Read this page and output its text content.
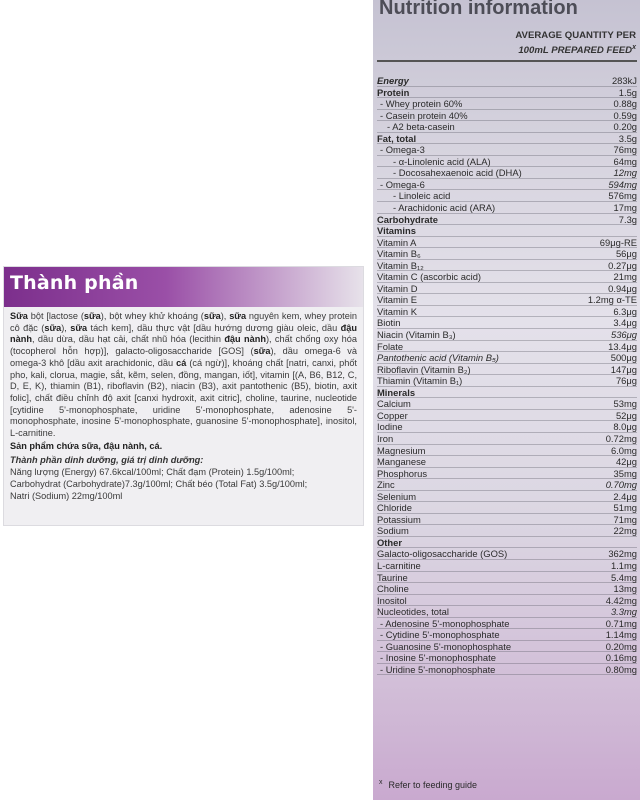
Thành phần
Sữa bột [lactose (sữa), bột whey khử khoáng (sữa), sữa nguyên kem, whey protein cô đặc (sữa), sữa tách kem], dầu thực vật [dầu hướng dương giàu oleic, dầu đậu nành, dầu dừa, dầu hạt cải, chất nhũ hóa (lecithin đậu nành), chất chống oxy hóa (tocopherol hỗn hợp)], galacto-oligosaccharide [GOS] (sữa), dầu omega-6 và omega-3 khô [dầu axit arachidonic, dầu cá (cá ngừ)], khoáng chất [natri, canxi, phốt pho, kali, clorua, magie, sắt, kẽm, selen, đồng, mangan, iốt], vitamin [(A, B6, B12, C, D, E, K), thiamin (B1), riboflavin (B2), niacin (B3), axit pantothenic (B5), biotin, axit folic], chất điều chỉnh độ axit [canxi hydroxit, axit citric], choline, taurine, nucleotide [cytidine 5'-monophosphate, uridine 5'-monophosphate, adenosine 5'-monophosphate, inosine 5'-monophosphate, guanosine 5'-monophosphate], inositol, L-carnitine.
Sản phẩm chứa sữa, đậu nành, cá.
Thành phần dinh dưỡng, giá trị dinh dưỡng:
Năng lượng (Energy) 67.6kcal/100ml; Chất đạm (Protein) 1.5g/100ml;
Carbohydrat (Carbohydrate)7.3g/100ml; Chất béo (Total Fat) 3.5g/100ml;
Natri (Sodium) 22mg/100ml
Nutrition information
AVERAGE QUANTITY PER
100mL PREPARED FEED$^x$
Energy	283kJ
Protein	1.5g
- Whey protein 60%	0.88g
- Casein protein 40%	0.59g
- A2 beta-casein	0.20g
Fat, total	3.5g
- Omega-3	76mg
- α-Linolenic acid (ALA)	64mg
- Docosahexaenoic acid (DHA)	12mg
- Omega-6	594mg
- Linoleic acid	576mg
- Arachidonic acid (ARA)	17mg
Carbohydrate	7.3g
Vitamins
Vitamin A	69μg-RE
Vitamin B₆	56μg
Vitamin B₁₂	0.27μg
Vitamin C (ascorbic acid)	21mg
Vitamin D	0.94μg
Vitamin E	1.2mg α-TE
Vitamin K	6.3μg
Biotin	3.4μg
Niacin (Vitamin B₃)	536μg
Folate	13.4μg
Pantothenic acid (Vitamin B₅)	500μg
Riboflavin (Vitamin B₂)	147μg
Thiamin (Vitamin B₁)	76μg
Minerals
Calcium	53mg
Copper	52μg
Iodine	8.0μg
Iron	0.72mg
Magnesium	6.0mg
Manganese	42μg
Phosphorus	35mg
Zinc	0.70mg
Selenium	2.4μg
Chloride	51mg
Potassium	71mg
Sodium	22mg
Other
Galacto-oligosaccharide (GOS)	362mg
L-carnitine	1.1mg
Taurine	5.4mg
Choline	13mg
Inositol	4.42mg
Nucleotides, total	3.3mg
- Adenosine 5'-monophosphate	0.71mg
- Cytidine 5'-monophosphate	1.14mg
- Guanosine 5'-monophosphate	0.20mg
- Inosine 5'-monophosphate	0.16mg
- Uridine 5'-monophosphate	0.80mg
$^x$ Refer to feeding guide
